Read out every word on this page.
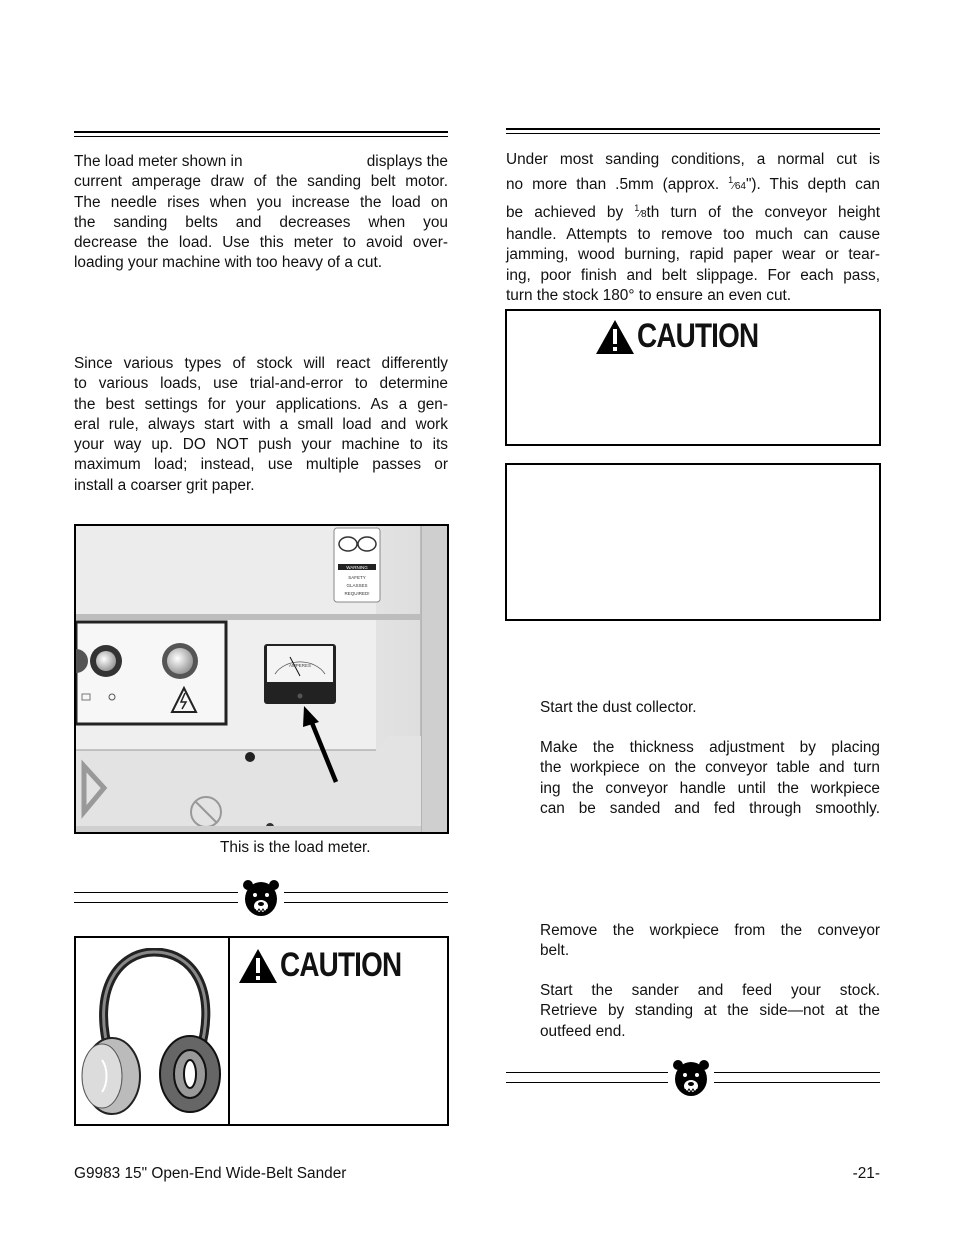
The load meter shown in	displays the
current amperage draw of the sanding belt motor.
The needle rises when you increase the load on
the sanding belts and decreases when you
decrease the load. Use this meter to avoid over-
loading your machine with too heavy of a cut.
Since various types of stock will react differently
to various loads, use trial-and-error to determine
the best settings for your applications. As a gen-
eral rule, always start with a small load and work
your way up. DO NOT push your machine to its
maximum load; instead, use multiple passes or
install a coarser grit paper.
WARNING
SAFETY
GLASSES
REQUIRED!
AMPERES
This is the load meter.
CAUTION
Under most sanding conditions, a normal cut is
no more than .5mm (approx. $^1$⁄64"). This depth can
be achieved by $^1$⁄8th turn of the conveyor height
handle. Attempts to remove too much can cause
jamming, wood burning, rapid paper wear or tear-
ing, poor finish and belt slippage. For each pass,
turn the stock 180° to ensure an even cut.
CAUTION
Start the dust collector.
Make the thickness adjustment by placing
the workpiece on the conveyor table and turn
ing the conveyor handle until the workpiece
can be sanded and fed through smoothly.
Remove the workpiece from the conveyor
belt.
Start the sander and feed your stock.
Retrieve by standing at the side—not at the
outfeed end.
G9983 15" Open-End Wide-Belt Sander	-21-
